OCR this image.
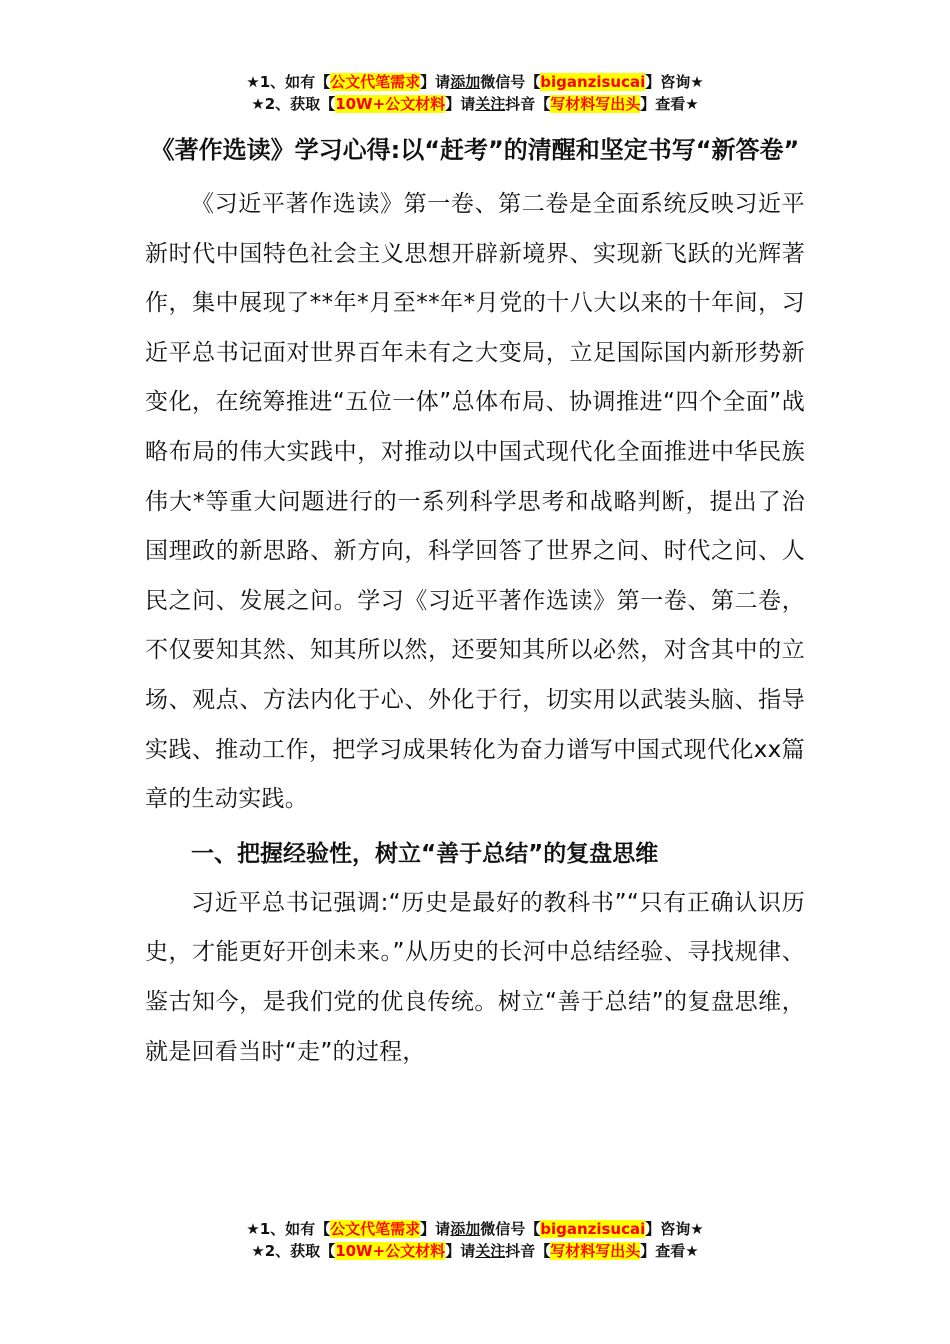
★1、如有【公文代笔需求】请添加微信号【biganzisucai】咨询★
★2、获取【10W+公文材料】请关注抖音【写材料写出头】查看★
《著作选读》学习心得:以“赶考”的清醒和坚定书写“新答卷”

《习近平著作选读》第一卷、第二卷是全面系统反映习近平新时代中国特色社会主义思想开辟新境界、实现新飞跃的光辉著作，集中展现了**年*月至**年*月党的十八大以来的十年间，习近平总书记面对世界百年未有之大变局，立足国际国内新形势新变化，在统筹推进“五位一体”总体布局、协调推进“四个全面”战略布局的伟大实践中，对推动以中国式现代化全面推进中华民族伟大*等重大问题进行的一系列科学思考和战略判断，提出了治国理政的新思路、新方向，科学回答了世界之问、时代之问、人民之问、发展之问。学习《习近平著作选读》第一卷、第二卷，不仅要知其然、知其所以然，还要知其所以必然，对含其中的立场、观点、方法内化于心、外化于行，切实用以武装头脑、指导实践、推动工作，把学习成果转化为奋力谱写中国式现代化xx篇章的生动实践。

一、把握经验性，树立“善于总结”的复盘思维

习近平总书记强调:“历史是最好的教科书”“只有正确认识历史，才能更好开创未来。”从历史的长河中总结经验、寻找规律、鉴古知今，是我们党的优良传统。树立“善于总结”的复盘思维，就是回看当时“走”的过程，

★1、如有【公文代笔需求】请添加微信号【biganzisucai】咨询★
★2、获取【10W+公文材料】请关注抖音【写材料写出头】查看★
